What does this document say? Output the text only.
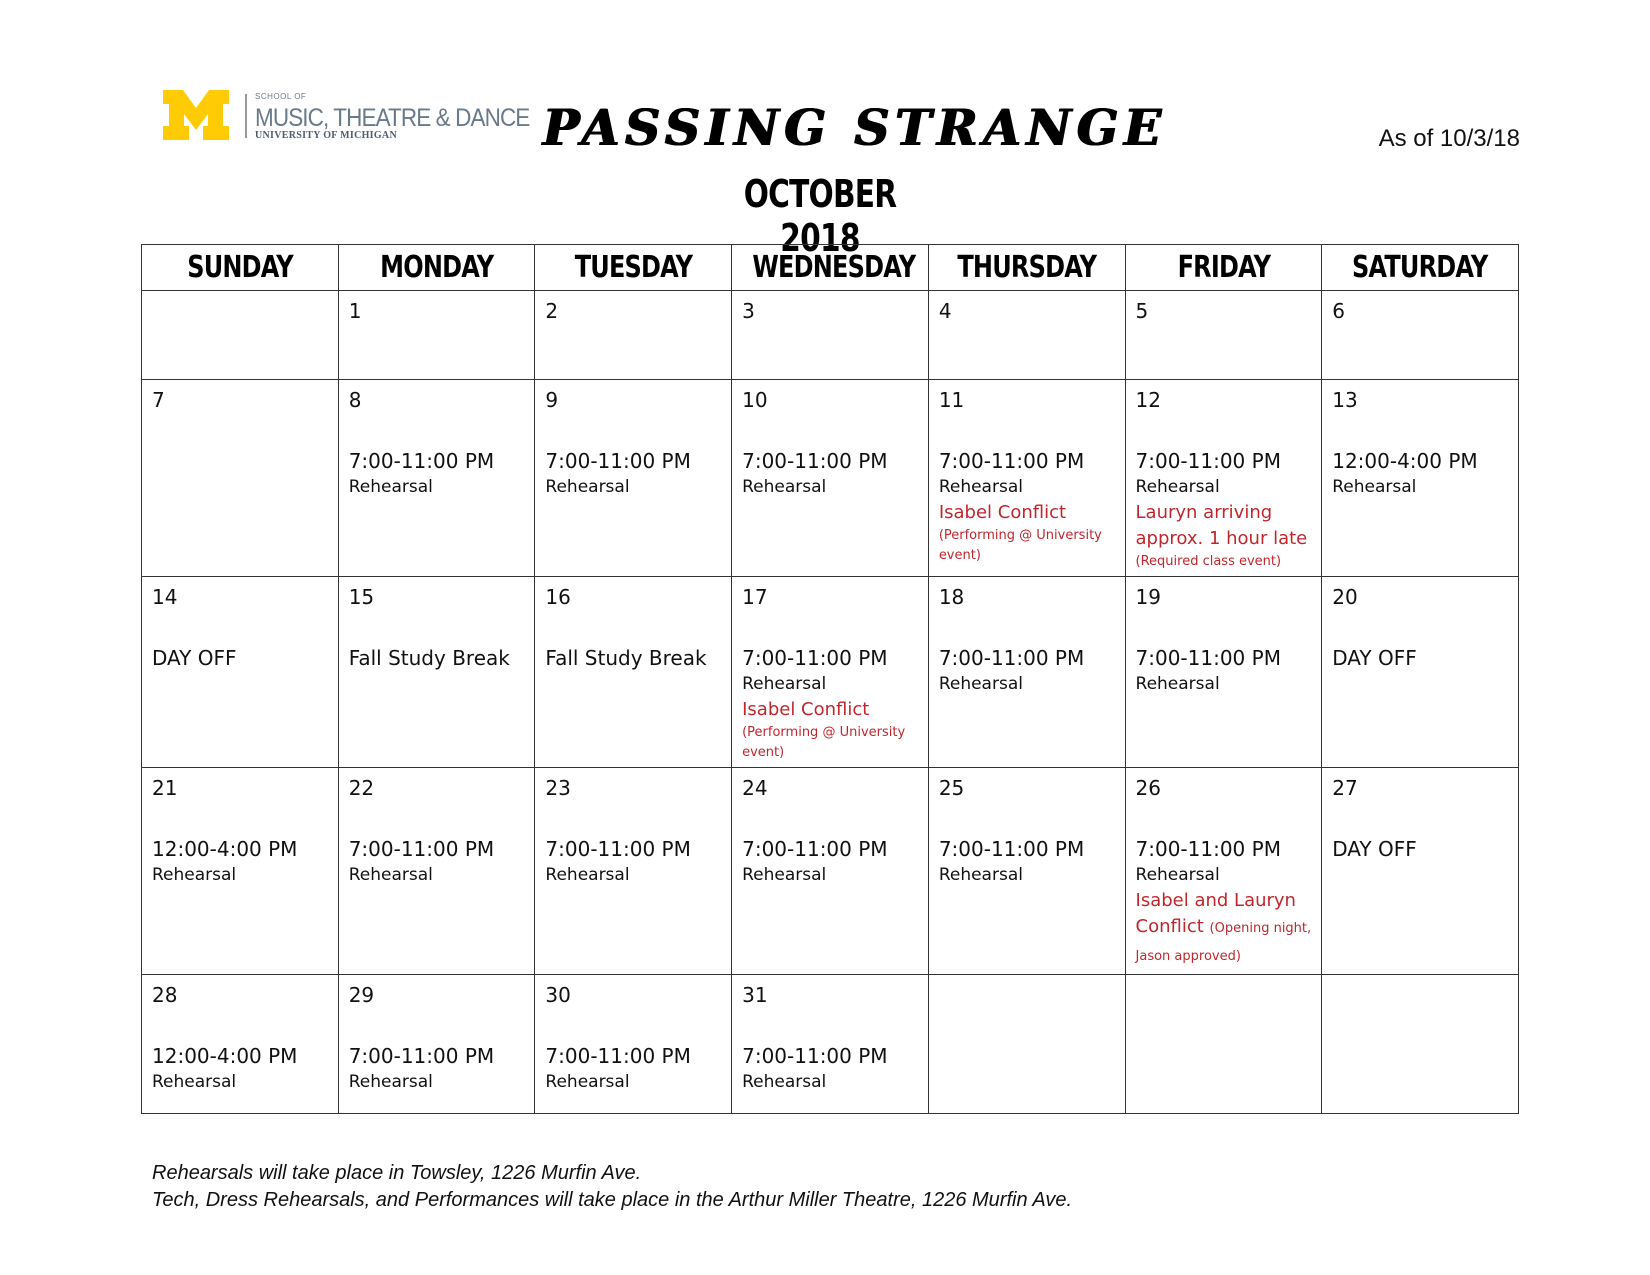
SCHOOL OF
MUSIC, THEATRE & DANCE
UNIVERSITY OF MICHIGAN	PASSING STRANGE
OCTOBER 2018
As of 10/3/18
SUNDAY	MONDAY	TUESDAY	WEDNESDAY	THURSDAY	FRIDAY	SATURDAY

	1	2	3	4	5	6

7	8
7:00-11:00 PM
Rehearsal	9
7:00-11:00 PM
Rehearsal	10
7:00-11:00 PM
Rehearsal	11
7:00-11:00 PM
Rehearsal
Isabel Conflict
(Performing @ University event)	12
7:00-11:00 PM
Rehearsal
Lauryn arriving approx. 1 hour late
(Required class event)	13
12:00-4:00 PM
Rehearsal

14
DAY OFF	15
Fall Study Break	16
Fall Study Break	17
7:00-11:00 PM
Rehearsal
Isabel Conflict
(Performing @ University event)	18
7:00-11:00 PM
Rehearsal	19
7:00-11:00 PM
Rehearsal	20
DAY OFF

21
12:00-4:00 PM
Rehearsal	22
7:00-11:00 PM
Rehearsal	23
7:00-11:00 PM
Rehearsal	24
7:00-11:00 PM
Rehearsal	25
7:00-11:00 PM
Rehearsal	26
7:00-11:00 PM
Rehearsal
Isabel and Lauryn Conflict (Opening night, Jason approved)	27
DAY OFF

28
12:00-4:00 PM
Rehearsal	29
7:00-11:00 PM
Rehearsal	30
7:00-11:00 PM
Rehearsal	31
7:00-11:00 PM
Rehearsal			

Rehearsals will take place in Towsley, 1226 Murfin Ave.
Tech, Dress Rehearsals, and Performances will take place in the Arthur Miller Theatre, 1226 Murfin Ave.
